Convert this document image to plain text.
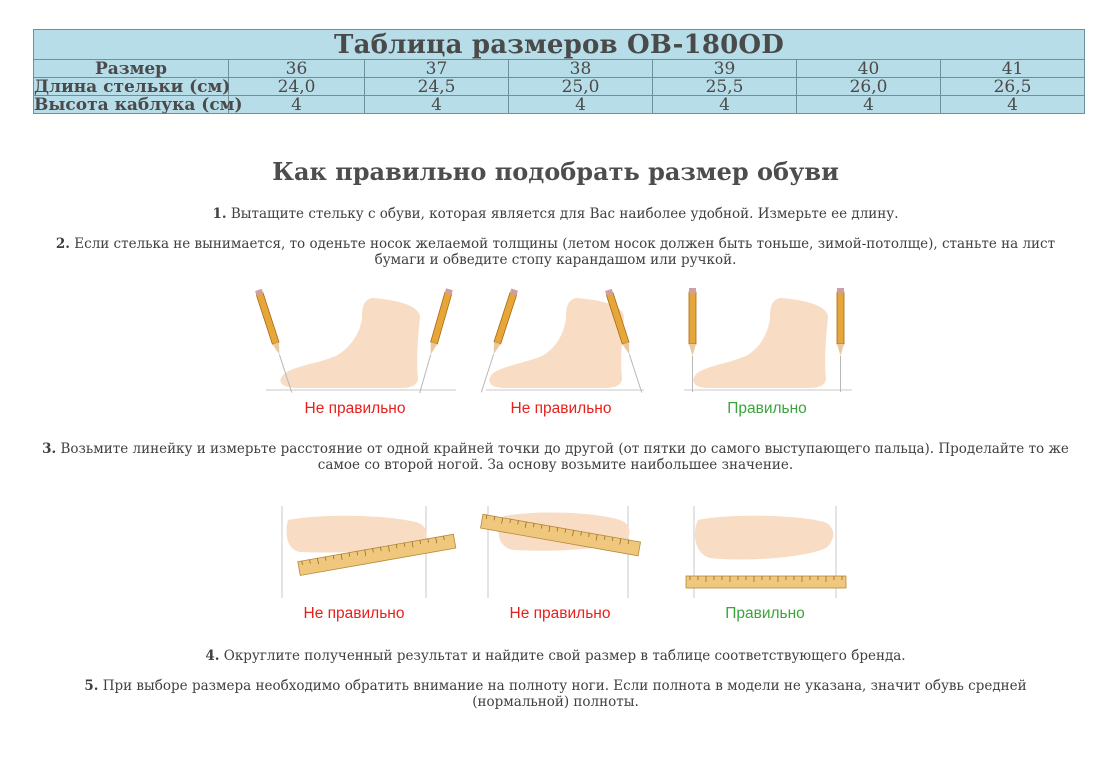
Таблица размеров OB-180OD						
Размер	36	37	38	39	40	41
Длина стельки (см)	24,0	24,5	25,0	25,5	26,0	26,5
Высота каблука (см)	4	4	4	4	4	4
Как правильно подобрать размер обуви
1. Вытащите стельку с обуви, которая является для Вас наиболее удобной. Измерьте ее длину.
2. Если стелька не вынимается, то оденьте носок желаемой толщины (летом носок должен быть тоньше, зимой-потолще), станьте на лист бумаги и обведите стопу карандашом или ручкой.
Не правильно	Не правильно	Правильно
3. Возьмите линейку и измерьте расстояние от одной крайней точки до другой (от пятки до самого выступающего пальца). Проделайте то же самое со второй ногой. За основу возьмите наибольшее значение.
Не правильно	Не правильно	Правильно
4. Округлите полученный результат и найдите свой размер в таблице соответствующего бренда.
5. При выборе размера необходимо обратить внимание на полноту ноги. Если полнота в модели не указана, значит обувь средней (нормальной) полноты.
